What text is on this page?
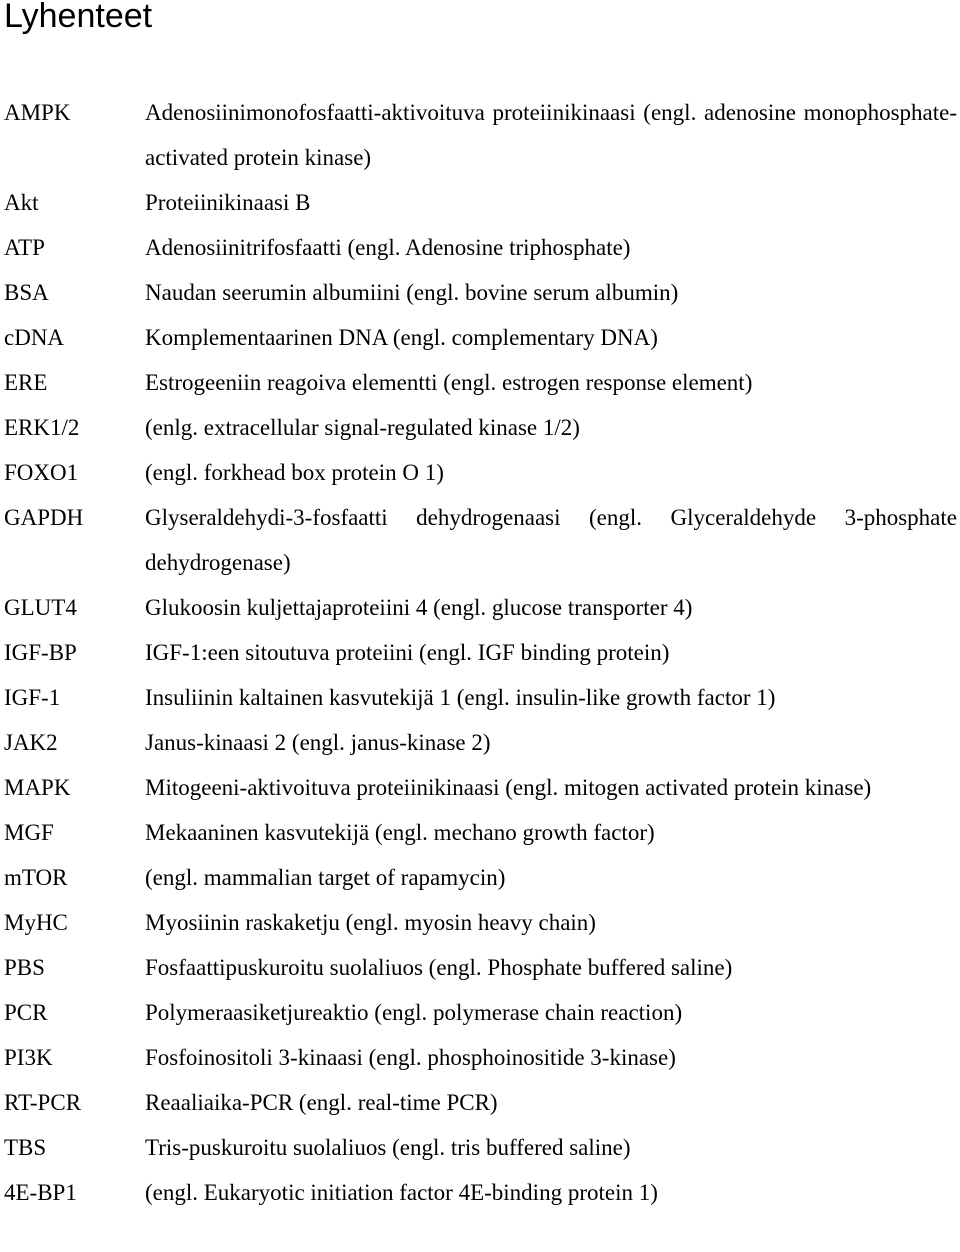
Lyhenteet
AMPK	Adenosiinimonofosfaatti-aktivoituva proteiinikinaasi (engl. adenosine monophosphate-activated protein kinase)
Akt	Proteiinikinaasi B
ATP	Adenosiinitrifosfaatti (engl. Adenosine triphosphate)
BSA	Naudan seerumin albumiini (engl. bovine serum albumin)
cDNA	Komplementaarinen DNA (engl. complementary DNA)
ERE	Estrogeeniin reagoiva elementti (engl. estrogen response element)
ERK1/2	(enlg. extracellular signal-regulated kinase 1/2)
FOXO1	(engl. forkhead box protein O 1)
GAPDH	Glyseraldehydi-3-fosfaatti dehydrogenaasi (engl. Glyceraldehyde 3-phosphate dehydrogenase)
GLUT4	Glukoosin kuljettajaproteiini 4 (engl. glucose transporter 4)
IGF-BP	IGF-1:een sitoutuva proteiini (engl. IGF binding protein)
IGF-1	Insuliinin kaltainen kasvutekijä 1 (engl. insulin-like growth factor 1)
JAK2	Janus-kinaasi 2 (engl. janus-kinase 2)
MAPK	Mitogeeni-aktivoituva proteiinikinaasi (engl. mitogen activated protein kinase)
MGF	Mekaaninen kasvutekijä (engl. mechano growth factor)
mTOR	(engl. mammalian target of rapamycin)
MyHC	Myosiinin raskaketju (engl. myosin heavy chain)
PBS	Fosfaattipuskuroitu suolaliuos (engl. Phosphate buffered saline)
PCR	Polymeraasiketjureaktio (engl. polymerase chain reaction)
PI3K	Fosfoinositoli 3-kinaasi (engl. phosphoinositide 3-kinase)
RT-PCR	Reaaliaika-PCR (engl. real-time PCR)
TBS	Tris-puskuroitu suolaliuos (engl. tris buffered saline)
4E-BP1	(engl. Eukaryotic initiation factor 4E-binding protein 1)
